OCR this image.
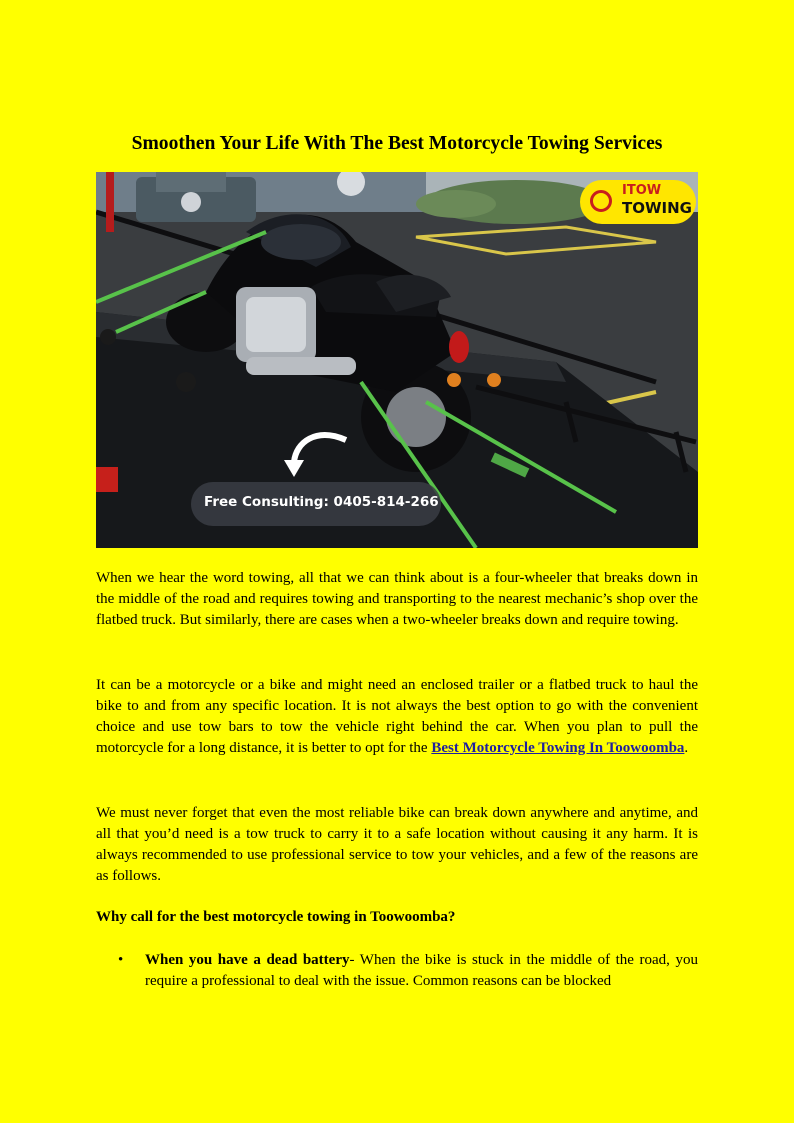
Smoothen Your Life With The Best Motorcycle Towing Services
ITOW
TOWING
Free Consulting: 0405-814-266

When we hear the word towing, all that we can think about is a four-wheeler that breaks down in the middle of the road and requires towing and transporting to the nearest mechanic’s shop over the flatbed truck. But similarly, there are cases when a two-wheeler breaks down and require towing.

It can be a motorcycle or a bike and might need an enclosed trailer or a flatbed truck to haul the bike to and from any specific location. It is not always the best option to go with the convenient choice and use tow bars to tow the vehicle right behind the car. When you plan to pull the motorcycle for a long distance, it is better to opt for the Best Motorcycle Towing In Toowoomba.

We must never forget that even the most reliable bike can break down anywhere and anytime, and all that you’d need is a tow truck to carry it to a safe location without causing it any harm. It is always recommended to use professional service to tow your vehicles, and a few of the reasons are as follows.

Why call for the best motorcycle towing in Toowoomba?

• When you have a dead battery- When the bike is stuck in the middle of the road, you require a professional to deal with the issue. Common reasons can be blocked
